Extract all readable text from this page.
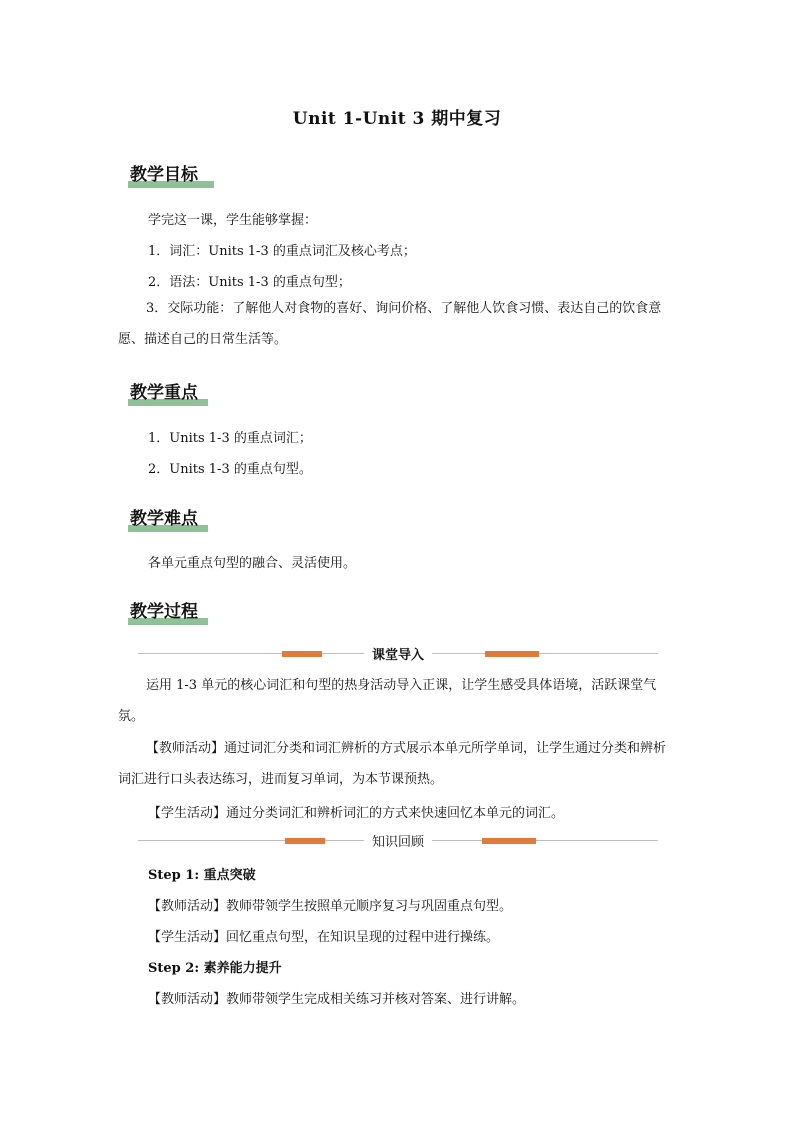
Unit 1-Unit 3 期中复习
教学目标
学完这一课，学生能够掌握：
1．词汇：Units 1-3 的重点词汇及核心考点；
2．语法：Units 1-3 的重点句型；
3．交际功能：了解他人对食物的喜好、询问价格、了解他人饮食习惯、表达自己的饮食意愿、描述自己的日常生活等。
教学重点
1．Units 1-3 的重点词汇；
2．Units 1-3 的重点句型。
教学难点
各单元重点句型的融合、灵活使用。
教学过程
课堂导入
运用 1-3 单元的核心词汇和句型的热身活动导入正课，让学生感受具体语境，活跃课堂气氛。
【教师活动】通过词汇分类和词汇辨析的方式展示本单元所学单词，让学生通过分类和辨析词汇进行口头表达练习，进而复习单词，为本节课预热。
【学生活动】通过分类词汇和辨析词汇的方式来快速回忆本单元的词汇。
知识回顾
Step 1: 重点突破
【教师活动】教师带领学生按照单元顺序复习与巩固重点句型。
【学生活动】回忆重点句型，在知识呈现的过程中进行操练。
Step 2: 素养能力提升
【教师活动】教师带领学生完成相关练习并核对答案、进行讲解。
